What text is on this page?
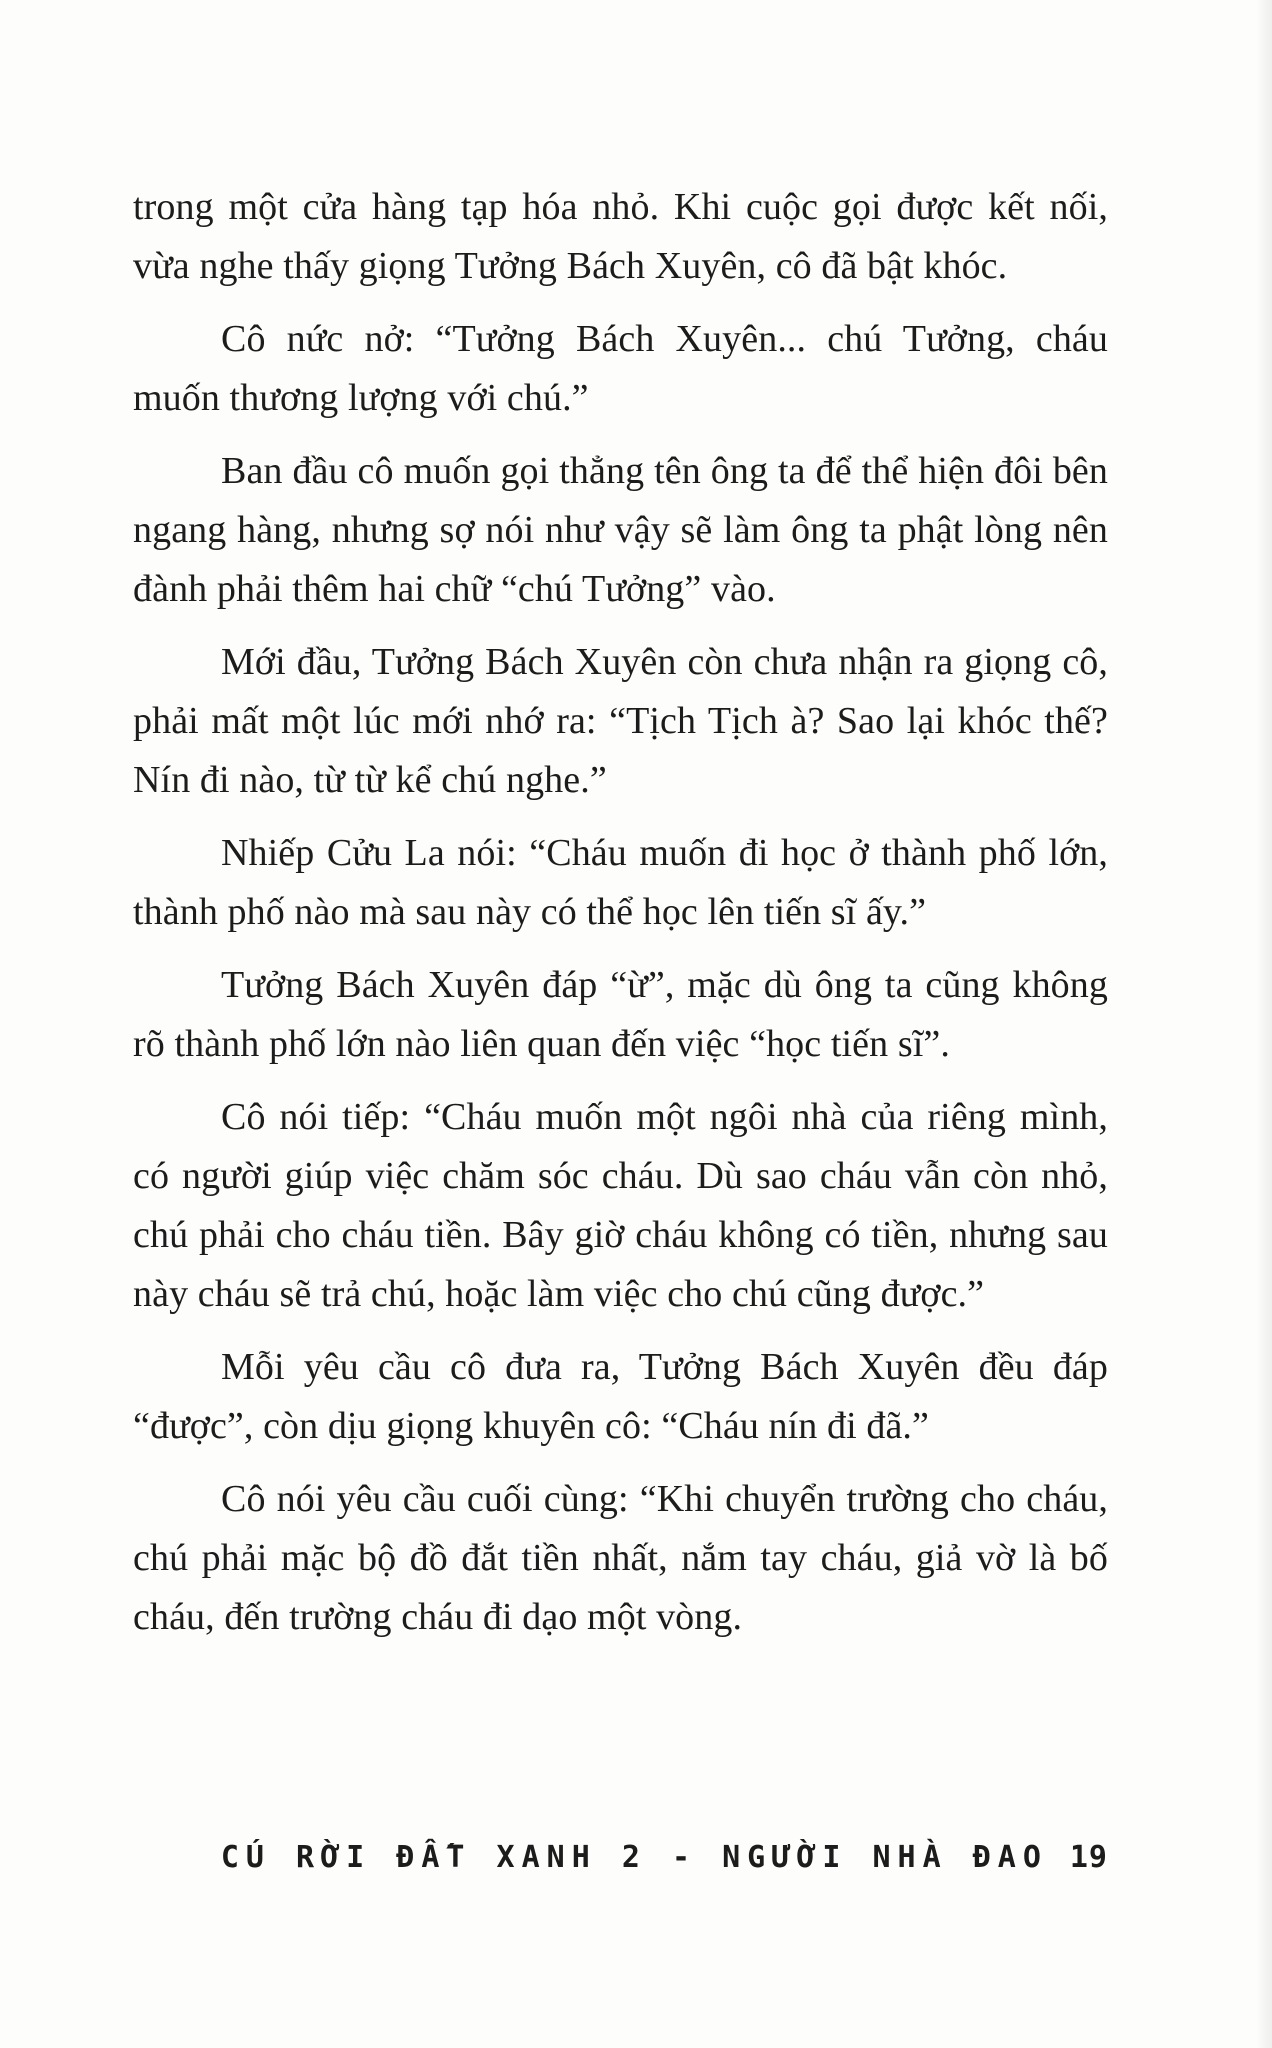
trong một cửa hàng tạp hóa nhỏ. Khi cuộc gọi được kết nối, vừa nghe thấy giọng Tưởng Bách Xuyên, cô đã bật khóc.

Cô nức nở: “Tưởng Bách Xuyên... chú Tưởng, cháu muốn thương lượng với chú.”

Ban đầu cô muốn gọi thẳng tên ông ta để thể hiện đôi bên ngang hàng, nhưng sợ nói như vậy sẽ làm ông ta phật lòng nên đành phải thêm hai chữ “chú Tưởng” vào.

Mới đầu, Tưởng Bách Xuyên còn chưa nhận ra giọng cô, phải mất một lúc mới nhớ ra: “Tịch Tịch à? Sao lại khóc thế? Nín đi nào, từ từ kể chú nghe.”

Nhiếp Cửu La nói: “Cháu muốn đi học ở thành phố lớn, thành phố nào mà sau này có thể học lên tiến sĩ ấy.”

Tưởng Bách Xuyên đáp “ừ”, mặc dù ông ta cũng không rõ thành phố lớn nào liên quan đến việc “học tiến sĩ”.

Cô nói tiếp: “Cháu muốn một ngôi nhà của riêng mình, có người giúp việc chăm sóc cháu. Dù sao cháu vẫn còn nhỏ, chú phải cho cháu tiền. Bây giờ cháu không có tiền, nhưng sau này cháu sẽ trả chú, hoặc làm việc cho chú cũng được.”

Mỗi yêu cầu cô đưa ra, Tưởng Bách Xuyên đều đáp “được”, còn dịu giọng khuyên cô: “Cháu nín đi đã.”

Cô nói yêu cầu cuối cùng: “Khi chuyển trường cho cháu, chú phải mặc bộ đồ đắt tiền nhất, nắm tay cháu, giả vờ là bố cháu, đến trường cháu đi dạo một vòng.

CÚ RỜI ĐẤT XANH 2 - NGƯỜI NHÀ ĐAO 19
